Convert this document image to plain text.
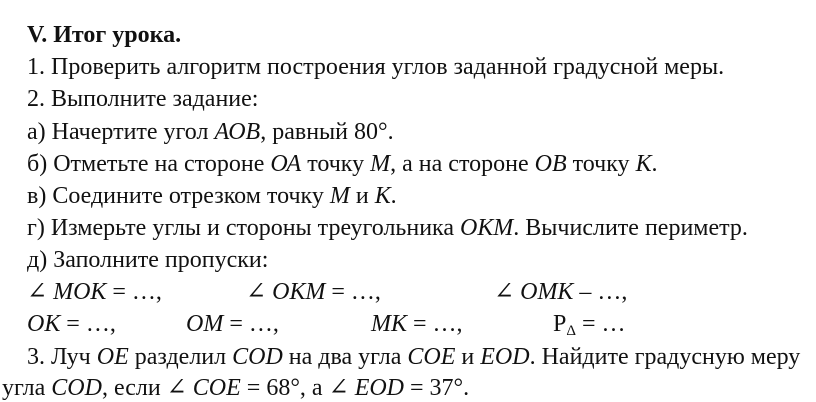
V. Итог урока.
1. Проверить алгоритм построения углов заданной градусной меры.
2. Выполните задание:
а) Начертите угол АОВ, равный 80°.
б) Отметьте на стороне ОА точку М, а на стороне ОВ точку К.
в) Соедините отрезком точку М и К.
г) Измерьте углы и стороны треугольника ОКМ. Вычислите периметр.
д) Заполните пропуски:
∠ МОК = …,	∠ ОКМ = …,	∠ ОМК – …,
ОК = …,	ОМ = …,	МК = …,	$Р_\Delta$ = …
3. Луч ОЕ разделил СОD на два угла СОЕ и ЕОD. Найдите градусную меру
угла СОD, если ∠ СОЕ = 68°, а ∠ ЕОD = 37°.
